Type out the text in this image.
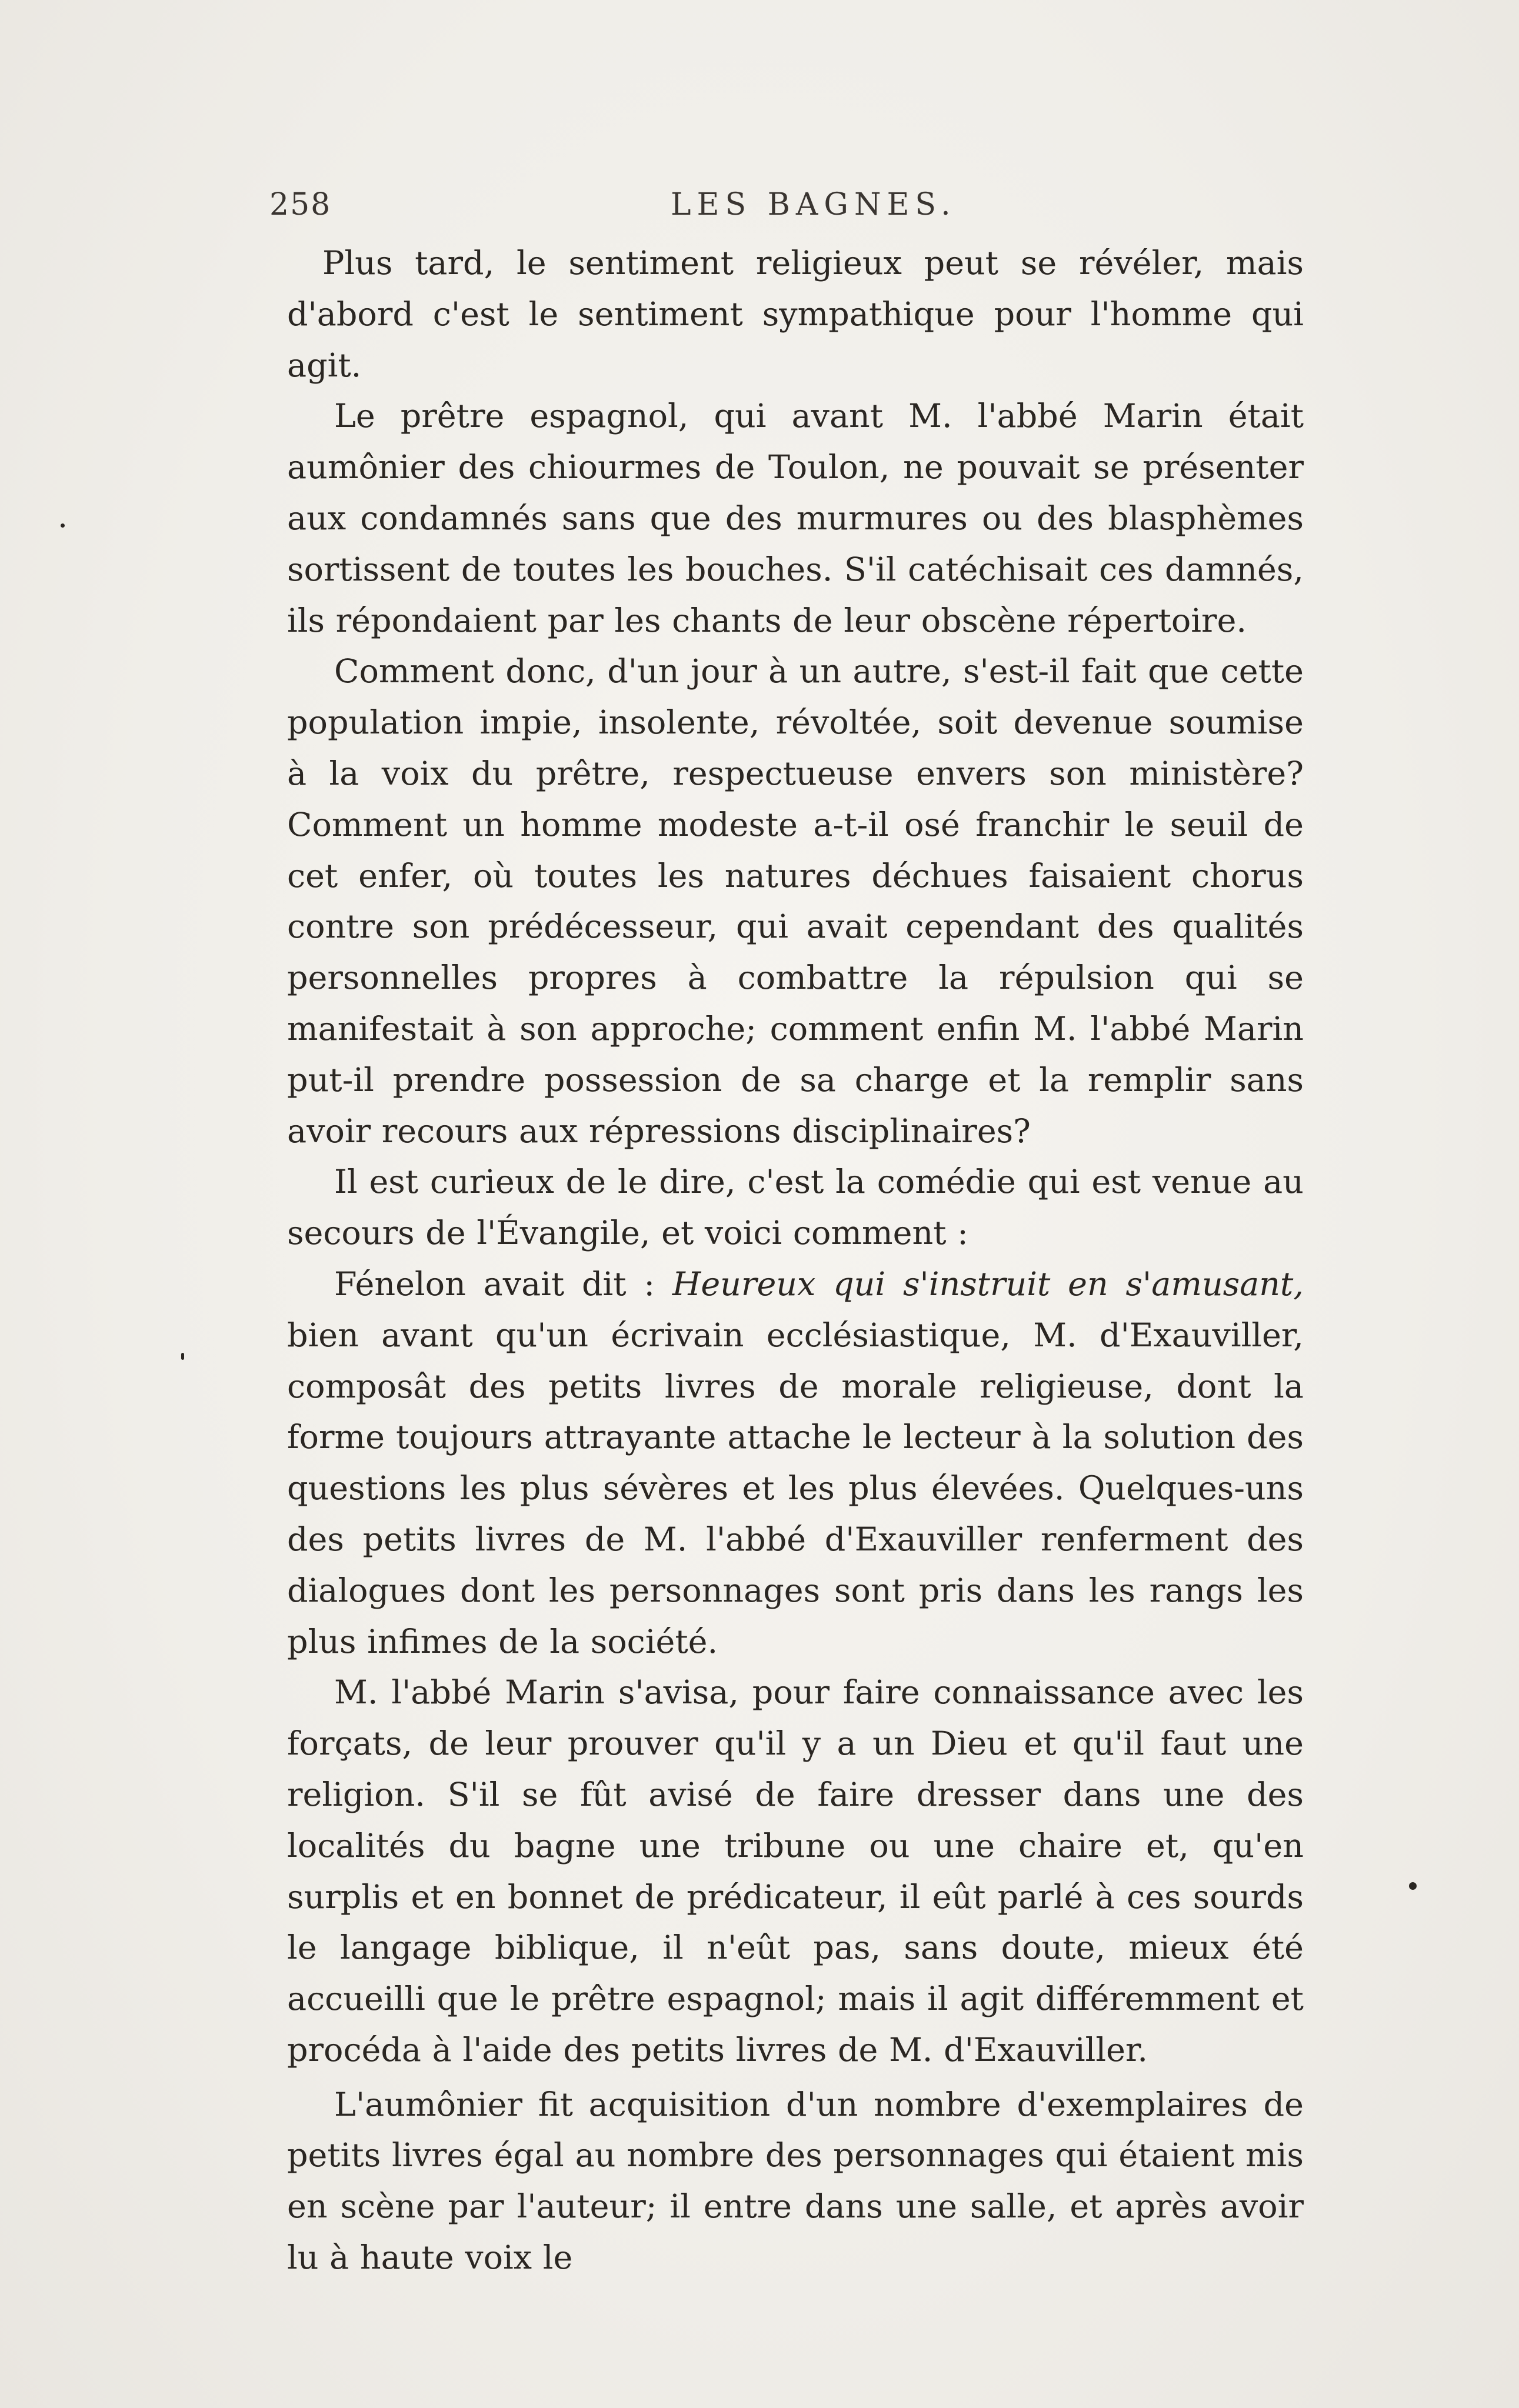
258	LES BAGNES.

Plus tard, le sentiment religieux peut se révéler, mais d'abord c'est le sentiment sympathique pour l'homme qui agit.

Le prêtre espagnol, qui avant M. l'abbé Marin était aumônier des chiourmes de Toulon, ne pouvait se présenter aux condamnés sans que des murmures ou des blasphèmes sortissent de toutes les bouches. S'il catéchisait ces damnés, ils répondaient par les chants de leur obscène répertoire.

Comment donc, d'un jour à un autre, s'est-il fait que cette population impie, insolente, révoltée, soit devenue soumise à la voix du prêtre, respectueuse envers son ministère? Comment un homme modeste a-t-il osé franchir le seuil de cet enfer, où toutes les natures déchues faisaient chorus contre son prédécesseur, qui avait cependant des qualités personnelles propres à combattre la répulsion qui se manifestait à son approche; comment enfin M. l'abbé Marin put-il prendre possession de sa charge et la remplir sans avoir recours aux répressions disciplinaires?

Il est curieux de le dire, c'est la comédie qui est venue au secours de l'Évangile, et voici comment :

Fénelon avait dit : Heureux qui s'instruit en s'amusant, bien avant qu'un écrivain ecclésiastique, M. d'Exauviller, composât des petits livres de morale religieuse, dont la forme toujours attrayante attache le lecteur à la solution des questions les plus sévères et les plus élevées. Quelques-uns des petits livres de M. l'abbé d'Exauviller renferment des dialogues dont les personnages sont pris dans les rangs les plus infimes de la société.

M. l'abbé Marin s'avisa, pour faire connaissance avec les forçats, de leur prouver qu'il y a un Dieu et qu'il faut une religion. S'il se fût avisé de faire dresser dans une des localités du bagne une tribune ou une chaire et, qu'en surplis et en bonnet de prédicateur, il eût parlé à ces sourds le langage biblique, il n'eût pas, sans doute, mieux été accueilli que le prêtre espagnol; mais il agit différemment et procéda à l'aide des petits livres de M. d'Exauviller.

L'aumônier fit acquisition d'un nombre d'exemplaires de petits livres égal au nombre des personnages qui étaient mis en scène par l'auteur; il entre dans une salle, et après avoir lu à haute voix le
